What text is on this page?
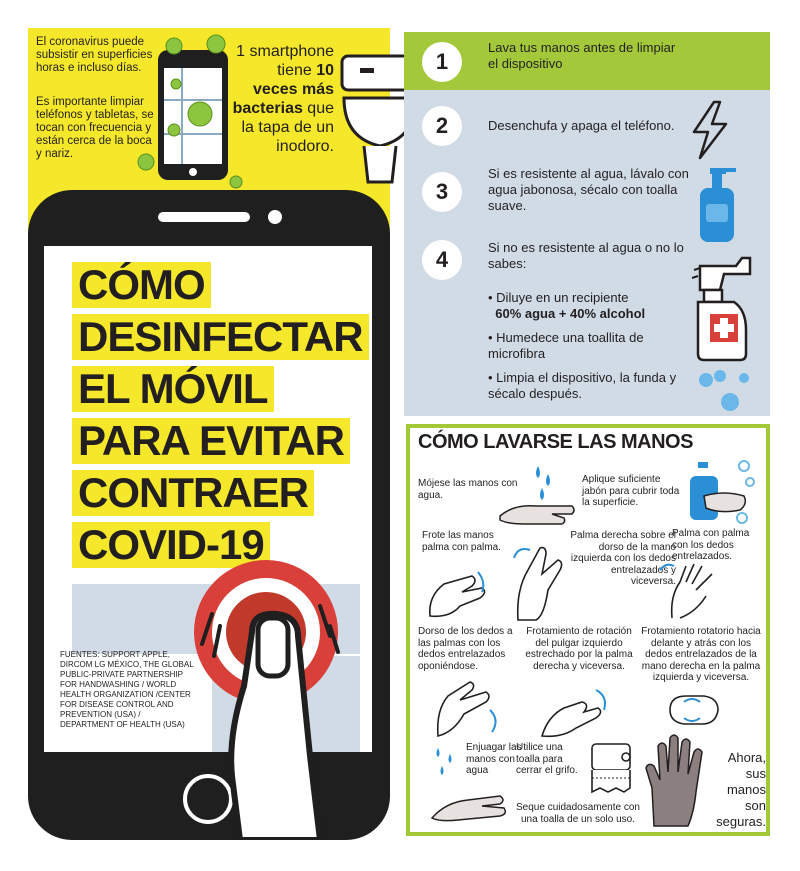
El coronavirus puede subsistir en superficies horas e incluso días.
Es importante limpiar teléfonos y tabletas, se tocan con frecuencia y están cerca de la boca y nariz.
1 smartphone
tiene 10
veces más
bacterias que
la tapa de un
inodoro.
CÓMO
DESINFECTAR
EL MÓVIL
PARA EVITAR
CONTRAER
COVID-19
FUENTES: SUPPORT APPLE, DIRCOM LG MÉXICO, THE GLOBAL PUBLIC-PRIVATE PARTNERSHIP FOR HANDWASHING / WORLD HEALTH ORGANIZATION /CENTER FOR DISEASE CONTROL AND PREVENTION (USA) / DEPARTMENT OF HEALTH (USA)
1
Lava tus manos antes de limpiar el dispositivo
2	Desenchufa y apaga el teléfono.
3
Si es resistente al agua, lávalo con agua jabonosa, sécalo con toalla suave.
4	Si no es resistente al agua o no lo sabes:
• Diluye en un recipiente
60% agua + 40% alcohol
• Humedece una toallita de microfibra
• Limpia el dispositivo, la funda y sécalo después.
CÓMO LAVARSE LAS MANOS
Mójese las manos con agua.
Aplique suficiente jabón para cubrir toda la superficie.
Frote las manos palma con palma.
Palma derecha sobre el dorso de la mano izquierda con los dedos entrelazados y viceversa.
Palma con palma con los dedos entrelazados.
Dorso de los dedos a las palmas con los dedos entrelazados oponiéndose.
Frotamiento de rotación del pulgar izquierdo estrechado por la palma derecha y viceversa.
Frotamiento rotatorio hacia delante y atrás con los dedos entrelazados de la mano derecha en la palma izquierda y viceversa.
Enjuagar las manos con agua
Utilice una toalla para cerrar el grifo.
Seque cuidadosamente con una toalla de un solo uso.
Ahora, sus manos son seguras.
